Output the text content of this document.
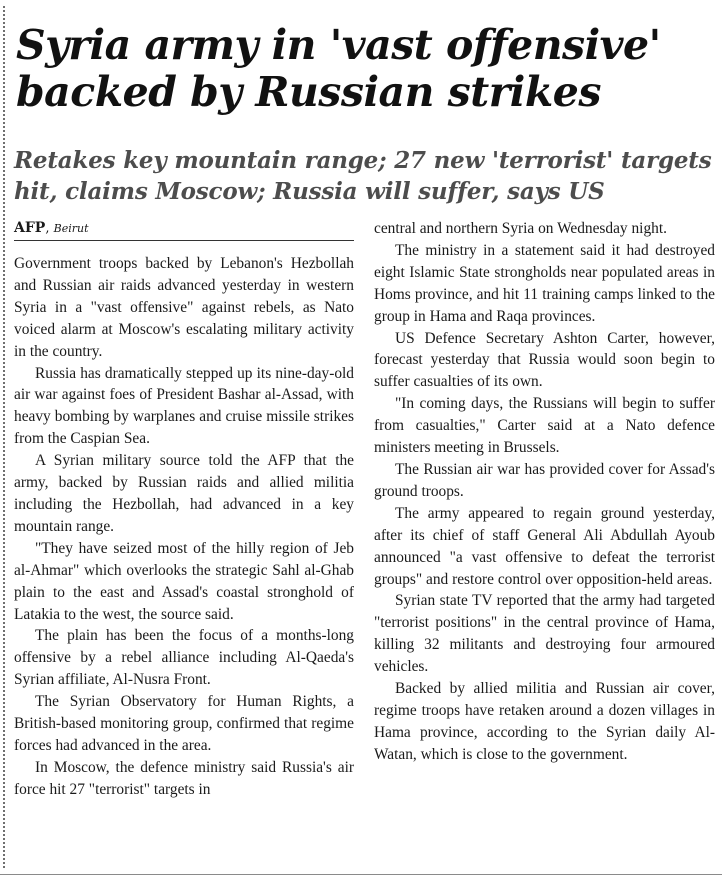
Syria army in 'vast offensive' backed by Russian strikes
Retakes key mountain range; 27 new 'terrorist' targets hit, claims Moscow; Russia will suffer, says US
AFP, Beirut

Government troops backed by Lebanon's Hezbollah and Russian air raids advanced yesterday in western Syria in a "vast offensive" against rebels, as Nato voiced alarm at Moscow's escalating military activity in the country.

Russia has dramatically stepped up its nine-day-old air war against foes of President Bashar al-Assad, with heavy bombing by warplanes and cruise missile strikes from the Caspian Sea.

A Syrian military source told the AFP that the army, backed by Russian raids and allied militia including the Hezbollah, had advanced in a key mountain range.

"They have seized most of the hilly region of Jeb al-Ahmar" which overlooks the strategic Sahl al-Ghab plain to the east and Assad's coastal stronghold of Latakia to the west, the source said.

The plain has been the focus of a months-long offensive by a rebel alliance including Al-Qaeda's Syrian affiliate, Al-Nusra Front.

The Syrian Observatory for Human Rights, a British-based monitoring group, confirmed that regime forces had advanced in the area.

In Moscow, the defence ministry said Russia's air force hit 27 "terrorist" targets in

central and northern Syria on Wednesday night.

The ministry in a statement said it had destroyed eight Islamic State strongholds near populated areas in Homs province, and hit 11 training camps linked to the group in Hama and Raqa provinces.

US Defence Secretary Ashton Carter, however, forecast yesterday that Russia would soon begin to suffer casualties of its own.

"In coming days, the Russians will begin to suffer from casualties," Carter said at a Nato defence ministers meeting in Brussels.

The Russian air war has provided cover for Assad's ground troops.

The army appeared to regain ground yesterday, after its chief of staff General Ali Abdullah Ayoub announced "a vast offensive to defeat the terrorist groups" and restore control over opposition-held areas.

Syrian state TV reported that the army had targeted "terrorist positions" in the central province of Hama, killing 32 militants and destroying four armoured vehicles.

Backed by allied militia and Russian air cover, regime troops have retaken around a dozen villages in Hama province, according to the Syrian daily Al-Watan, which is close to the government.
